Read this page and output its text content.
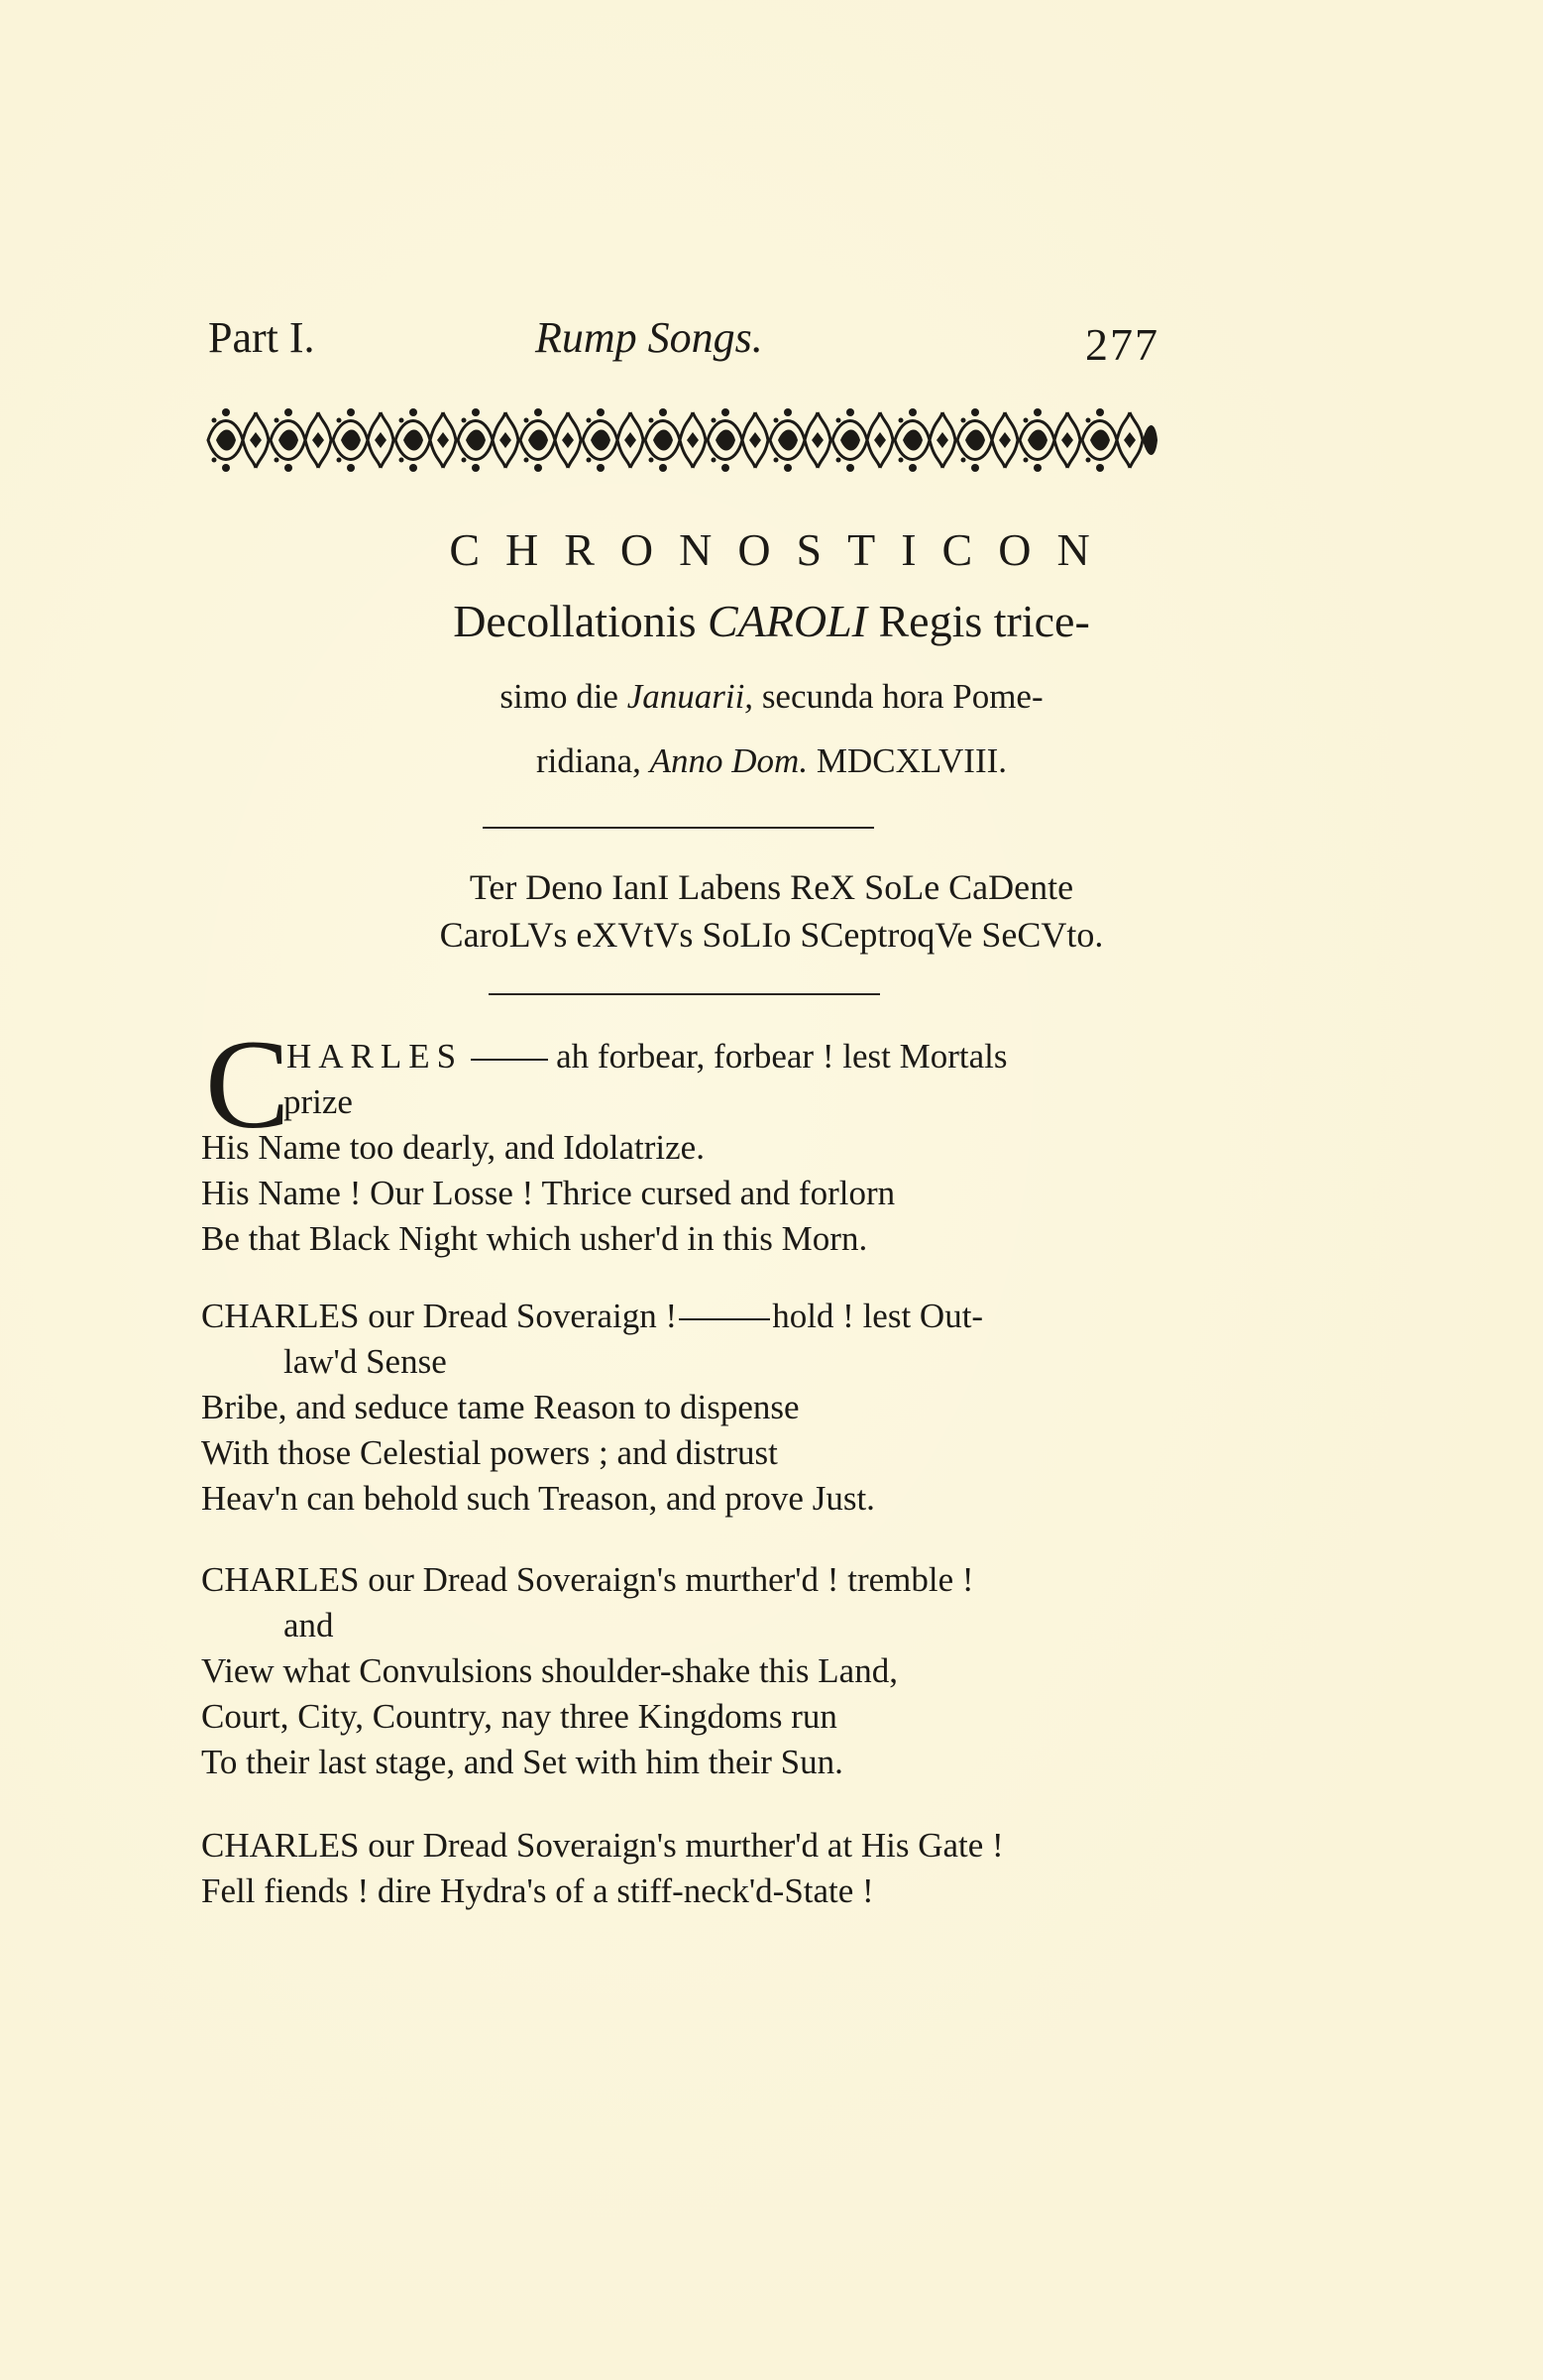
Part I.	Rump Songs.	277
CHRONOSTICON
Decollationis CAROLI Regis trice-
simo die Januarii, secunda hora Pome-
ridiana, Anno Dom. MDCXLVIII.
Ter Deno IanI Labens ReX SoLe CaDente
CaroLVs eXVtVs SoLIo SCeptroqVe SeCVto.
C
HARLES	ah forbear, forbear ! lest Mortals
prize
His Name too dearly, and Idolatrize.
His Name ! Our Losse ! Thrice cursed and forlorn
Be that Black Night which usher'd in this Morn.
CHARLES our Dread Soveraign !	hold ! lest Out-
law'd Sense
Bribe, and seduce tame Reason to dispense
With those Celestial powers ; and distrust
Heav'n can behold such Treason, and prove Just.
CHARLES our Dread Soveraign's murther'd ! tremble !
and
View what Convulsions shoulder-shake this Land,
Court, City, Country, nay three Kingdoms run
To their last stage, and Set with him their Sun.
CHARLES our Dread Soveraign's murther'd at His Gate !
Fell fiends ! dire Hydra's of a stiff-neck'd-State !
